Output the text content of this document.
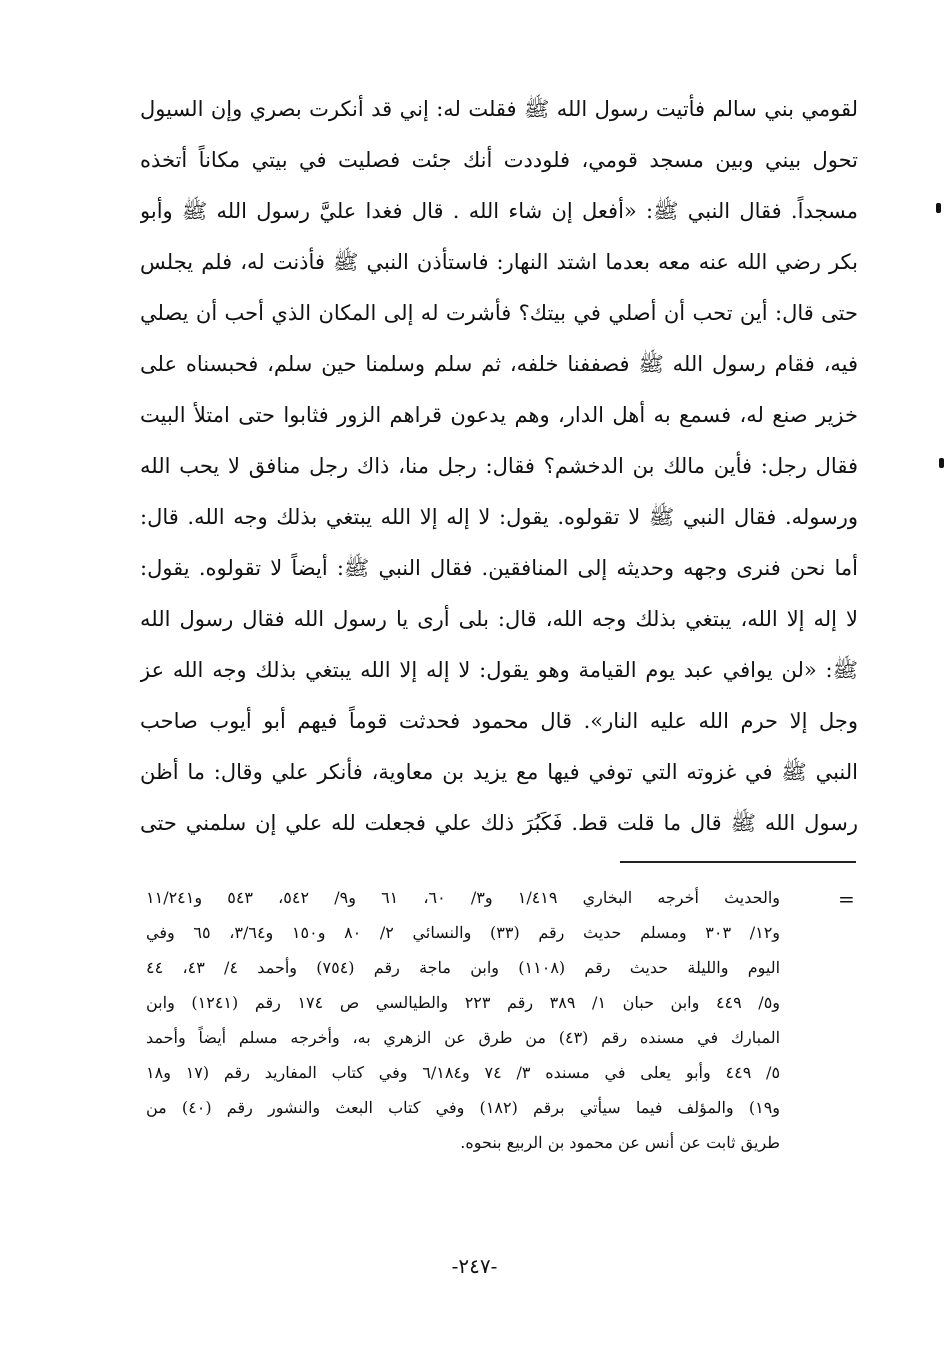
لقومي بني سالم فأتيت رسول الله ﷺ فقلت له: إني قد أنكرت بصري وإن السيول
تحول بيني وبين مسجد قومي، فلوددت أنك جئت فصليت في بيتي مكاناً أتخذه
مسجداً. فقال النبي ﷺ: «أفعل إن شاء الله . قال فغدا عليَّ رسول الله ﷺ وأبو
بكر رضي الله عنه معه بعدما اشتد النهار: فاستأذن النبي ﷺ فأذنت له، فلم يجلس
حتى قال: أين تحب أن أصلي في بيتك؟ فأشرت له إلى المكان الذي أحب أن يصلي
فيه، فقام رسول الله ﷺ فصففنا خلفه، ثم سلم وسلمنا حين سلم، فحبسناه على
خزير صنع له، فسمع به أهل الدار، وهم يدعون قراهم الزور فثابوا حتى امتلأ البيت
فقال رجل: فأين مالك بن الدخشم؟ فقال: رجل منا، ذاك رجل منافق لا يحب الله
ورسوله. فقال النبي ﷺ لا تقولوه. يقول: لا إله إلا الله يبتغي بذلك وجه الله. قال:
أما نحن فنرى وجهه وحديثه إلى المنافقين. فقال النبي ﷺ: أيضاً لا تقولوه. يقول:
لا إله إلا الله، يبتغي بذلك وجه الله، قال: بلى أرى يا رسول الله فقال رسول الله
ﷺ: «لن يوافي عبد يوم القيامة وهو يقول: لا إله إلا الله يبتغي بذلك وجه الله عز
وجل إلا حرم الله عليه النار». قال محمود فحدثت قوماً فيهم أبو أيوب صاحب
النبي ﷺ في غزوته التي توفي فيها مع يزيد بن معاوية، فأنكر علي وقال: ما أظن
رسول الله ﷺ قال ما قلت قط. فَكَبُرَ ذلك علي فجعلت لله علي إن سلمني حتى
=
والحديث أخرجه البخاري ١/٤١٩ و٣/ ٦٠، ٦١ و٩/ ٥٤٢، ٥٤٣ و١١/٢٤١
و١٢/ ٣٠٣ ومسلم حديث رقم (٣٣) والنسائي ٢/ ٨٠ و١٥٠ و٣/٦٤، ٦٥ وفي
اليوم والليلة حديث رقم (١١٠٨) وابن ماجة رقم (٧٥٤) وأحمد ٤/ ٤٣، ٤٤
و٥/ ٤٤٩ وابن حبان ١/ ٣٨٩ رقم ٢٢٣ والطيالسي ص ١٧٤ رقم (١٢٤١) وابن
المبارك في مسنده رقم (٤٣) من طرق عن الزهري به، وأخرجه مسلم أيضاً وأحمد
٥/ ٤٤٩ وأبو يعلى في مسنده ٣/ ٧٤ و٦/١٨٤ وفي كتاب المفاريد رقم (١٧ و١٨
و١٩) والمؤلف فيما سيأتي برقم (١٨٢) وفي كتاب البعث والنشور رقم (٤٠) من
طريق ثابت عن أنس عن محمود بن الربيع بنحوه.
-٢٤٧-
